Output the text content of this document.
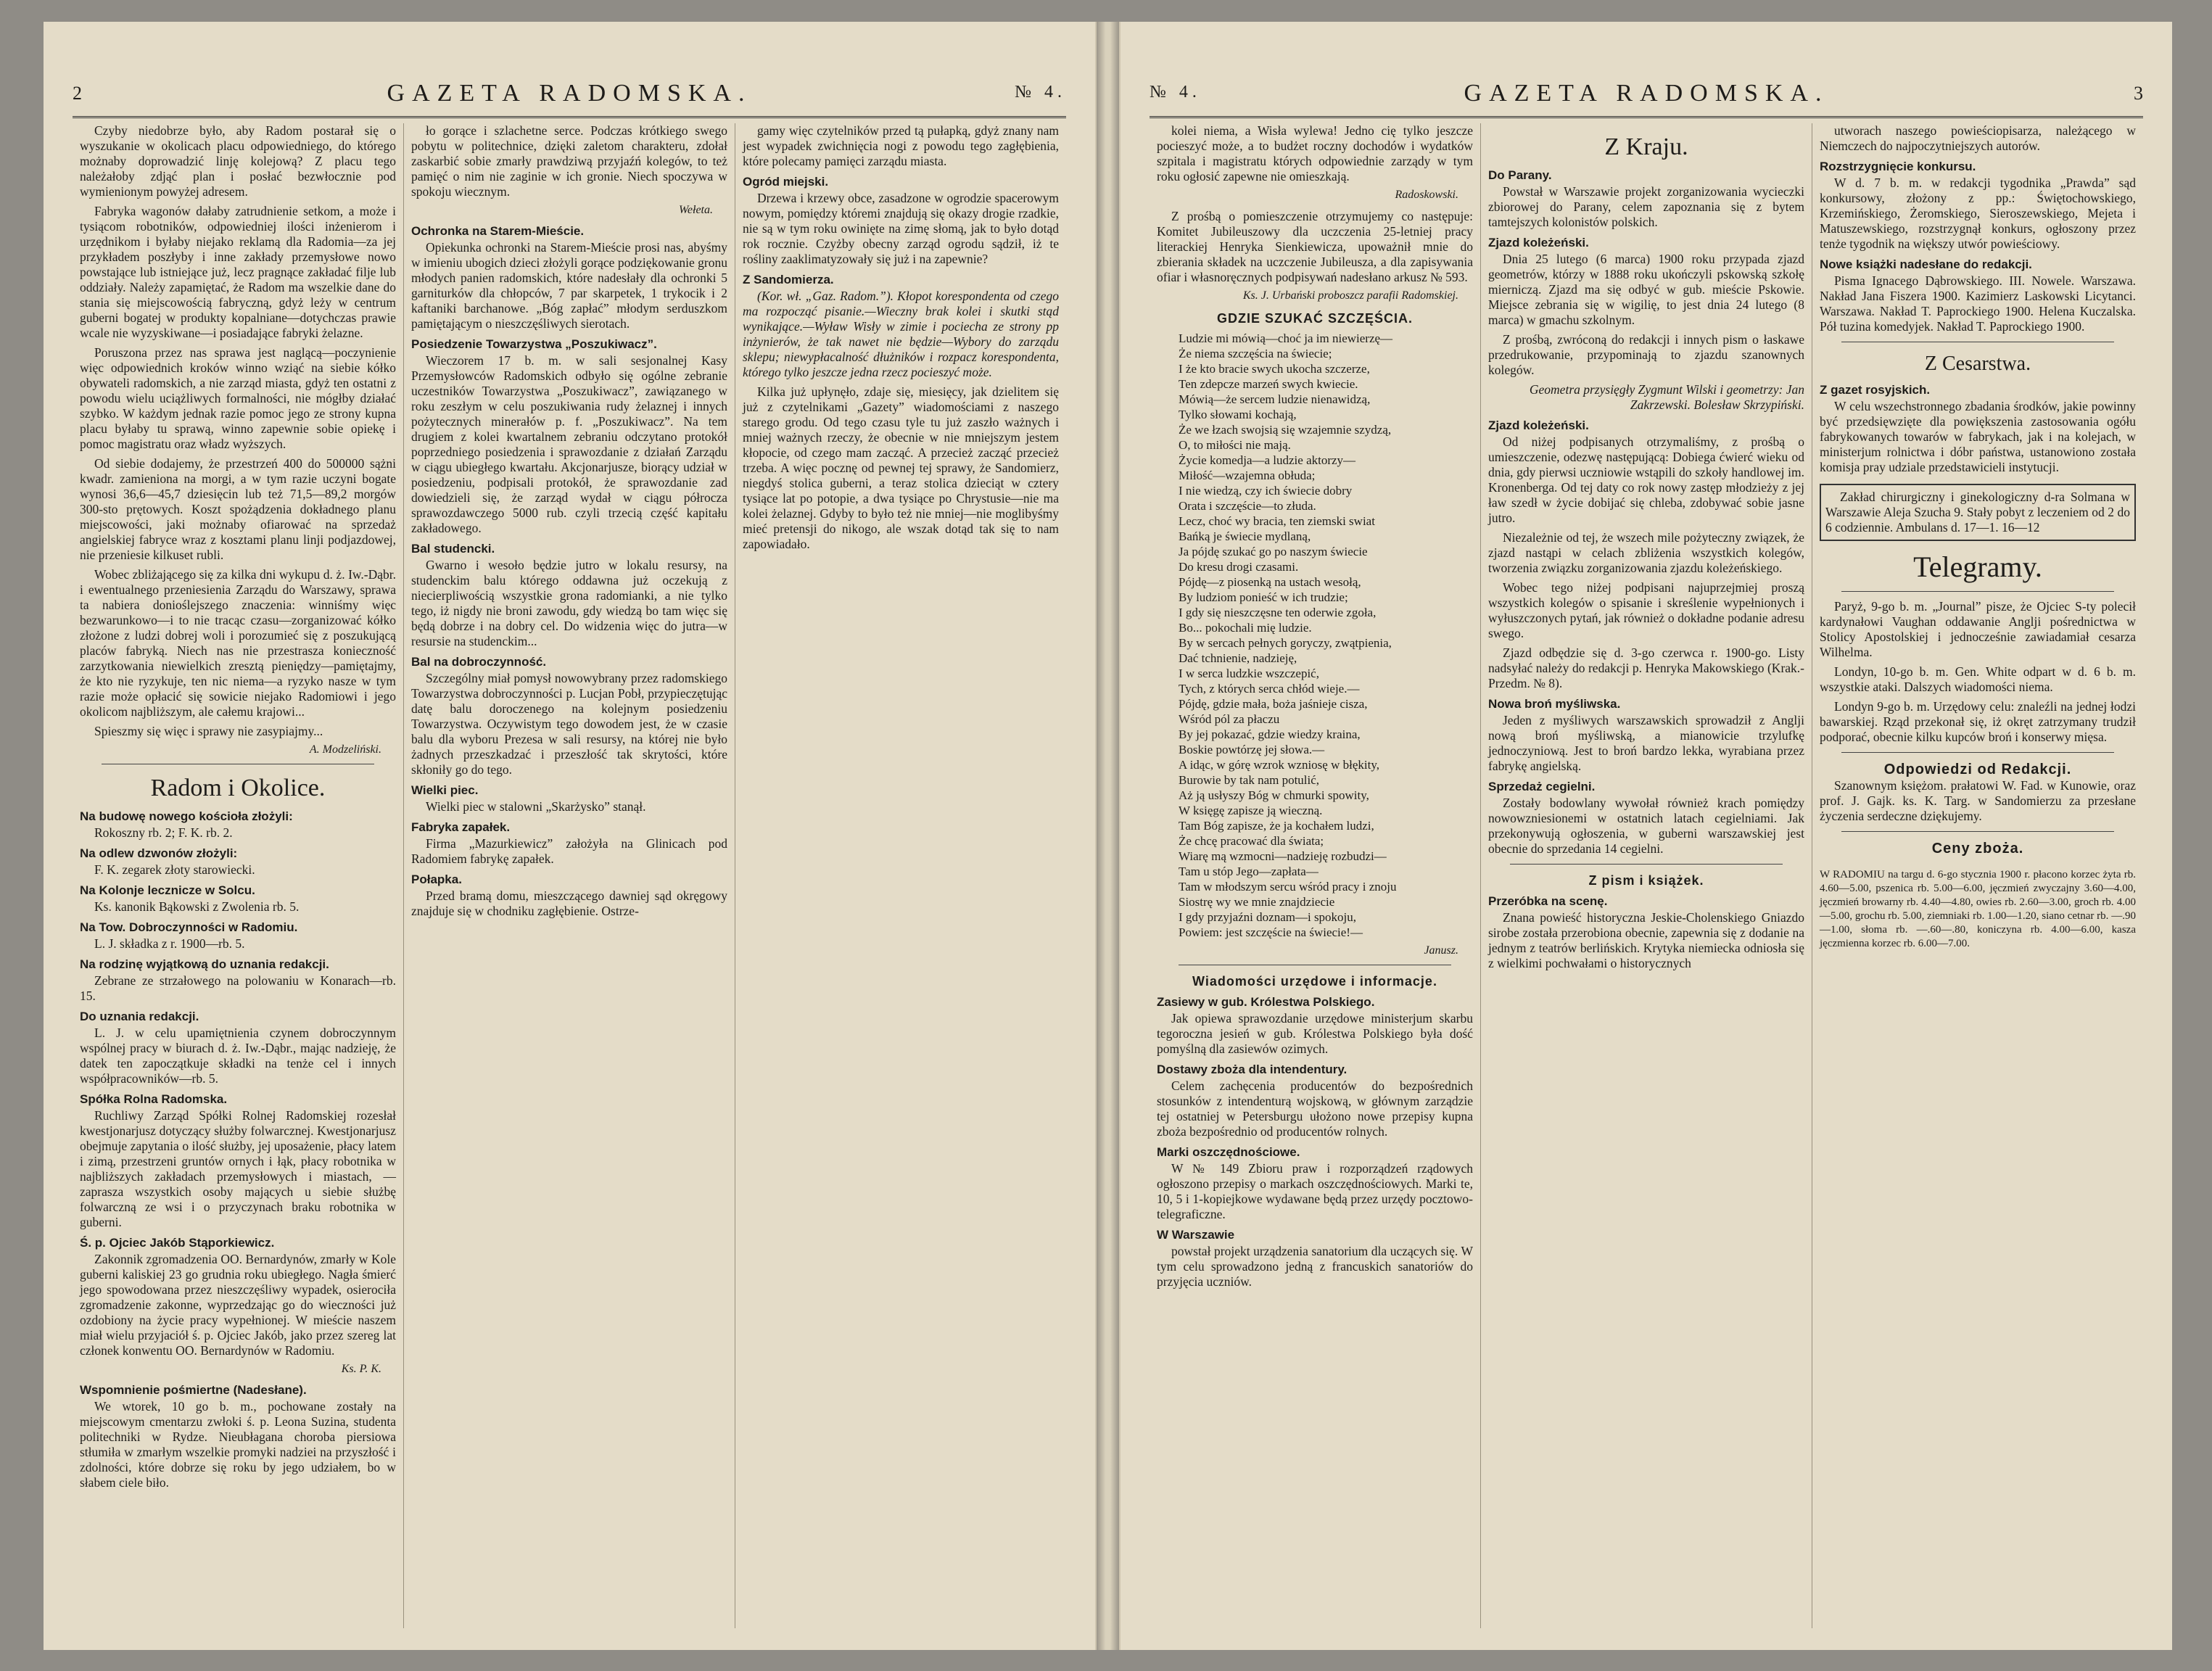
2	GAZETA RADOMSKA.	№ 4.

Czyby niedobrze było, aby Radom postarał się o wyszukanie w okolicach placu odpowiedniego, do którego możnaby doprowadzić linję kolejową? Z placu tego należałoby zdjąć plan i posłać bezwłocznie pod wymienionym powyżej adresem.

Fabryka wagonów dałaby zatrudnienie setkom, a może i tysiącom robotników, odpowiedniej ilości inżenierom i urzędnikom i byłaby niejako reklamą dla Radomia—za jej przykładem poszłyby i inne zakłady przemysłowe nowo powstające lub istniejące już, lecz pragnące zakładać filje lub oddziały. Należy zapamiętać, że Radom ma wszelkie dane do stania się miejscowością fabryczną, gdyż leży w centrum guberni bogatej w produkty kopalniane—dotychczas prawie wcale nie wyzyskiwane—i posiadające fabryki żelazne.

Poruszona przez nas sprawa jest naglącą—poczynienie więc odpowiednich kroków winno wziąć na siebie kółko obywateli radomskich, a nie zarząd miasta, gdyż ten ostatni z powodu wielu uciążliwych formalności, nie mógłby działać szybko. W każdym jednak razie pomoc jego ze strony kupna placu byłaby tu sprawą, winno zapewnie sobie opiekę i pomoc magistratu oraz władz wyższych.

Od siebie dodajemy, że przestrzeń 400 do 500000 sążni kwadr. zamieniona na morgi, a w tym razie uczyni bogate wynosi 36,6—45,7 dziesięcin lub też 71,5—89,2 morgów 300-sto prętowych. Koszt spożądzenia dokładnego planu miejscowości, jaki możnaby ofiarować na sprzedaż angielskiej fabryce wraz z kosztami planu linji podjazdowej, nie przeniesie kilkuset rubli.

Wobec zbliżającego się za kilka dni wykupu d. ż. Iw.-Dąbr. i ewentualnego przeniesienia Zarządu do Warszawy, sprawa ta nabiera donioślejszego znaczenia: winniśmy więc bezwarunkowo—i to nie tracąc czasu—zorganizować kółko złożone z ludzi dobrej woli i porozumieć się z poszukującą placów fabryką. Niech nas nie przestrasza konieczność zarzytkowania niewielkich zresztą pieniędzy—pamiętajmy, że kto nie ryzykuje, ten nic niema—a ryzyko nasze w tym razie może opłacić się sowicie niejako Radomiowi i jego okolicom najbliższym, ale całemu krajowi...

Spieszmy się więc i sprawy nie zasypiajmy...

A. Modzeliński.
Radom i Okolice.
Na budowę nowego kościoła złożyli:

Rokoszny rb. 2; F. K. rb. 2.

Na odlew dzwonów złożyli:

F. K. zegarek złoty starowiecki.

Na Kolonje lecznicze w Solcu.

Ks. kanonik Bąkowski z Zwolenia rb. 5.

Na Tow. Dobroczynności w Radomiu.

L. J. składka z r. 1900—rb. 5.

Na rodzinę wyjątkową do uznania redakcji.

Zebrane ze strzałowego na polowaniu w Konarach—rb. 15.

Do uznania redakcji.

L. J. w celu upamiętnienia czynem dobroczynnym wspólnej pracy w biurach d. ż. Iw.-Dąbr., mając nadzieję, że datek ten zapoczątkuje składki na tenże cel i innych współpracowników—rb. 5.

Spółka Rolna Radomska.

Ruchliwy Zarząd Spółki Rolnej Radomskiej rozesłał kwestjonarjusz dotyczący służby folwarcznej. Kwestjonarjusz obejmuje zapytania o ilość służby, jej uposażenie, płacy latem i zimą, przestrzeni gruntów ornych i łąk, płacy robotnika w najbliższych zakładach przemysłowych i miastach, — zaprasza wszystkich osoby mających u siebie służbę folwarczną ze wsi i o przyczynach braku robotnika w guberni.

Ś. p. Ojciec Jakób Stąporkiewicz.

Zakonnik zgromadzenia OO. Bernardynów, zmarły w Kole guberni kaliskiej 23 go grudnia roku ubiegłego. Nagła śmierć jego spowodowana przez nieszczęśliwy wypadek, osierociła zgromadzenie zakonne, wyprzedzając go do wieczności już ozdobiony na życie pracy wypełnionej. W mieście naszem miał wielu przyjaciół ś. p. Ojciec Jakób, jako przez szereg lat członek konwentu OO. Bernardynów w Radomiu.

Ks. P. K.
Wspomnienie pośmiertne (Nadesłane).

We wtorek, 10 go b. m., pochowane zostały na miejscowym cmentarzu zwłoki ś. p. Leona Suzina, studenta politechniki w Rydze. Nieubłagana choroba piersiowa stłumiła w zmarłym wszelkie promyki nadziei na przyszłość i zdolności, które dobrze się roku by jego udziałem, bo w słabem ciele biło.

ło gorące i szlachetne serce. Podczas krótkiego swego pobytu w politechnice, dzięki zaletom charakteru, zdołał zaskarbić sobie zmarły prawdziwą przyjaźń kolegów, to też pamięć o nim nie zaginie w ich gronie. Niech spoczywa w spokoju wiecznym.

Wełeta.
Ochronka na Starem-Mieście.

Opiekunka ochronki na Starem-Mieście prosi nas, abyśmy w imieniu ubogich dzieci złożyli gorące podziękowanie gronu młodych panien radomskich, które nadesłały dla ochronki 5 garniturków dla chłopców, 7 par skarpetek, 1 trykocik i 2 kaftaniki barchanowe. „Bóg zapłać” młodym serduszkom pamiętającym o nieszczęśliwych sierotach.

Posiedzenie Towarzystwa „Poszukiwacz”.

Wieczorem 17 b. m. w sali sesjonalnej Kasy Przemysłowców Radomskich odbyło się ogólne zebranie uczestników Towarzystwa „Poszukiwacz”, zawiązanego w roku zeszłym w celu poszukiwania rudy żelaznej i innych pożytecznych minerałów p. f. „Poszukiwacz”. Na tem drugiem z kolei kwartalnem zebraniu odczytano protokół poprzedniego posiedzenia i sprawozdanie z działań Zarządu w ciągu ubiegłego kwartału. Akcjonarjusze, biorący udział w posiedzeniu, podpisali protokół, że sprawozdanie zad dowiedzieli się, że zarząd wydał w ciągu półrocza sprawozdawczego 5000 rub. czyli trzecią część kapitału zakładowego.

Bal studencki.

Gwarno i wesoło będzie jutro w lokalu resursy, na studenckim balu którego oddawna już oczekują z niecierpliwością wszystkie grona radomianki, a nie tylko tego, iż nigdy nie broni zawodu, gdy wiedzą bo tam więc się będą dobrze i na dobry cel. Do widzenia więc do jutra—w resursie na studenckim...

Bal na dobroczynność.

Szczególny miał pomysł nowowybrany przez radomskiego Towarzystwa dobroczynności p. Lucjan Pobł, przypieczętując datę balu doroczenego na kolejnym posiedzeniu Towarzystwa. Oczywistym tego dowodem jest, że w czasie balu dla wyboru Prezesa w sali resursy, na której nie było żadnych przeszkadzać i przeszłość tak skrytości, które skłoniły go do tego.

Wielki piec.

Wielki piec w stalowni „Skarżysko” stanął.

Fabryka zapałek.

Firma „Mazurkiewicz” założyła na Glinicach pod Radomiem fabrykę zapałek.

Połapka.

Przed bramą domu, mieszczącego dawniej sąd okręgowy znajduje się w chodniku zagłębienie. Ostrze-

gamy więc czytelników przed tą pułapką, gdyż znany nam jest wypadek zwichnięcia nogi z powodu tego zagłębienia, które polecamy pamięci zarządu miasta.

Ogród miejski.

Drzewa i krzewy obce, zasadzone w ogrodzie spacerowym nowym, pomiędzy któremi znajdują się okazy drogie rzadkie, nie są w tym roku owinięte na zimę słomą, jak to było dotąd rok rocznie. Czyżby obecny zarząd ogrodu sądził, iż te rośliny zaaklimatyzowały się już i na zapewnie?

Z Sandomierza.

(Kor. wł. „Gaz. Radom.”). Kłopot korespondenta od czego ma rozpocząć pisanie.—Wieczny brak kolei i skutki stąd wynikające.—Wyław Wisły w zimie i pociecha ze strony pp inżynierów, że tak nawet nie będzie—Wybory do zarządu sklepu; niewypłacalność dłużników i rozpacz korespondenta, którego tylko jeszcze jedna rzecz pocieszyć może.

Kilka już upłynęło, zdaje się, miesięcy, jak dzielitem się już z czytelnikami „Gazety” wiadomościami z naszego starego grodu. Od tego czasu tyle tu już zaszło ważnych i mniej ważnych rzeczy, że obecnie w nie mniejszym jestem kłopocie, od czego mam zacząć. A przecież zacząć przecież trzeba. A więc pocznę od pewnej tej sprawy, że Sandomierz, niegdyś stolica guberni, a teraz stolica dzieciąt w cztery tysiące lat po potopie, a dwa tysiące po Chrystusie—nie ma kolei żelaznej. Gdyby to było też nie mniej—nie moglibyśmy mieć pretensji do nikogo, ale wszak dotąd tak się to nam zapowiadało.

№ 4.	GAZETA RADOMSKA.	3

kolei niema, a Wisła wylewa! Jedno cię tylko jeszcze pocieszyć może, a to budżet roczny dochodów i wydatków szpitala i magistratu których odpowiednie zarządy w tym roku ogłosić zapewne nie omieszkają.

Radoskowski.

Z prośbą o pomieszczenie otrzymujemy co następuje: Komitet Jubileuszowy dla uczczenia 25-letniej pracy literackiej Henryka Sienkiewicza, upoważnił mnie do zbierania składek na uczczenie Jubileusza, a dla zapisywania ofiar i własnoręcznych podpisywań nadesłano arkusz № 593.

Ks. J. Urbański proboszcz parafii Radomskiej.
GDZIE SZUKAĆ SZCZĘŚCIA.
Ludzie mi mówią—choć ja im niewierzę—
Że niema szczęścia na świecie;
I że kto bracie swych ukocha szczerze,
Ten zdepcze marzeń swych kwiecie.
Mówią—że sercem ludzie nienawidzą,
Tylko słowami kochają,
Że we łzach swojsią się wzajemnie szydzą,
O, to miłości nie mają.
Życie komedja—a ludzie aktorzy—
Miłość—wzajemna obłuda;
I nie wiedzą, czy ich świecie dobry
Orata i szczęście—to złuda.
Lecz, choć wy bracia, ten ziemski swiat
Bańką je świecie mydlaną,
Ja pójdę szukać go po naszym świecie
Do kresu drogi czasami.
Pójdę—z piosenką na ustach wesołą,
By ludziom ponieść w ich trudzie;
I gdy się nieszczęsne ten oderwie zgoła,
Bo... pokochali mię ludzie.
By w sercach pełnych goryczy, zwątpienia,
Dać tchnienie, nadzieję,
I w serca ludzkie wszczepić,
Tych, z których serca chłód wieje.—
Pójdę, gdzie mała, boża jaśnieje cisza,
Wśród pól za płaczu
By jej pokazać, gdzie wiedzy kraina,
Boskie powtórzę jej słowa.—
A idąc, w górę wzrok wzniosę w błękity,
Burowie by tak nam potulić,
Aż ją usłyszy Bóg w chmurki spowity,
W księgę zapisze ją wieczną.
Tam Bóg zapisze, że ja kochałem ludzi,
Że chcę pracować dla świata;
Wiarę mą wzmocni—nadzieję rozbudzi—
Tam u stóp Jego—zapłata—
Tam w młodszym sercu wśród pracy i znoju
Siostrę wy we mnie znajdziecie
I gdy przyjaźni doznam—i spokoju,
Powiem: jest szczęście na świecie!—
Janusz.
Wiadomości urzędowe i informacje.
Zasiewy w gub. Królestwa Polskiego.

Jak opiewa sprawozdanie urzędowe ministerjum skarbu tegoroczna jesień w gub. Królestwa Polskiego była dość pomyślną dla zasiewów ozimych.

Dostawy zboża dla intendentury.

Celem zachęcenia producentów do bezpośrednich stosunków z intendenturą wojskową, w głównym zarządzie tej ostatniej w Petersburgu ułożono nowe przepisy kupna zboża bezpośrednio od producentów rolnych.

Marki oszczędnościowe.

W № 149 Zbioru praw i rozporządzeń rządowych ogłoszono przepisy o markach oszczędnościowych. Marki te, 10, 5 i 1-kopiejkowe wydawane będą przez urzędy pocztowo-telegraficzne.

W Warszawie

powstał projekt urządzenia sanatorium dla uczących się. W tym celu sprowadzono jedną z francuskich sanatoriów do przyjęcia uczniów.

Z Kraju.
Do Parany.

Powstał w Warszawie projekt zorganizowania wycieczki zbiorowej do Parany, celem zapoznania się z bytem tamtejszych kolonistów polskich.

Zjazd koleżeński.

Dnia 25 lutego (6 marca) 1900 roku przypada zjazd geometrów, którzy w 1888 roku ukończyli pskowską szkołę mierniczą. Zjazd ma się odbyć w gub. mieście Pskowie. Miejsce zebrania się w wigilię, to jest dnia 24 lutego (8 marca) w gmachu szkolnym.

Z prośbą, zwróconą do redakcji i innych pism o łaskawe przedrukowanie, przypominają to zjazdu szanownych kolegów.

Geometra przysięgły Zygmunt Wilski i geometrzy: Jan Zakrzewski. Bolesław Skrzypiński.

Zjazd koleżeński.

Od niżej podpisanych otrzymaliśmy, z prośbą o umieszczenie, odezwę następującą: Dobiega ćwierć wieku od dnia, gdy pierwsi uczniowie wstąpili do szkoły handlowej im. Kronenberga. Od tej daty co rok nowy zastęp młodzieży z jej ław szedł w życie dobijać się chleba, zdobywać sobie jasne jutro.

Niezależnie od tej, że wszech mile pożyteczny związek, że zjazd nastąpi w celach zbliżenia wszystkich kolegów, tworzenia związku zorganizowania zjazdu koleżeńskiego.

Wobec tego niżej podpisani najuprzejmiej proszą wszystkich kolegów o spisanie i skreślenie wypełnionych i wyłuszczonych pytań, jak również o dokładne podanie adresu swego.

Zjazd odbędzie się d. 3-go czerwca r. 1900-go. Listy nadsyłać należy do redakcji p. Henryka Makowskiego (Krak.-Przedm. № 8).

Nowa broń myśliwska.

Jeden z myśliwych warszawskich sprowadził z Anglji nową broń myśliwską, a mianowicie trzylufkę jednoczyniową. Jest to broń bardzo lekka, wyrabiana przez fabrykę angielską.

Sprzedaż cegielni.

Zostały bodowlany wywołał również krach pomiędzy nowowzniesionemi w ostatnich latach cegielniami. Jak przekonywują ogłoszenia, w guberni warszawskiej jest obecnie do sprzedania 14 cegielni.

Z pism i książek.
Przeróbka na scenę.

Znana powieść historyczna Jeskie-Cholenskiego Gniazdo sirobe została przerobiona obecnie, zapewnia się z dodanie na jednym z teatrów berlińskich. Krytyka niemiecka odniosła się z wielkimi pochwałami o historycznych

utworach naszego powieściopisarza, należącego w Niemczech do najpoczytniejszych autorów.

Rozstrzygnięcie konkursu.

W d. 7 b. m. w redakcji tygodnika „Prawda” sąd konkursowy, złożony z pp.: Świętochowskiego, Krzemińskiego, Żeromskiego, Sieroszewskiego, Mejeta i Matuszewskiego, rozstrzygnął konkurs, ogłoszony przez tenże tygodnik na większy utwór powieściowy.

Nowe książki nadesłane do redakcji.

Pisma Ignacego Dąbrowskiego. III. Nowele. Warszawa. Nakład Jana Fiszera 1900. Kazimierz Laskowski Licytanci. Warszawa. Nakład T. Paprockiego 1900. Helena Kuczalska. Pół tuzina komedyjek. Nakład T. Paprockiego 1900.

Z Cesarstwa.
Z gazet rosyjskich.

W celu wszechstronnego zbadania środków, jakie powinny być przedsięwzięte dla powiększenia zastosowania ogółu fabrykowanych towarów w fabrykach, jak i na kolejach, w ministerjum rolnictwa i dóbr państwa, ustanowiono została komisja pray udziale przedstawicieli instytucji.

Zakład chirurgiczny i ginekologiczny d-ra Solmana w Warszawie Aleja Szucha 9. Stały pobyt z leczeniem od 2 do 6 codziennie. Ambulans d. 17—1. 16—12

Telegramy.

Paryż, 9-go b. m. „Journal” pisze, że Ojciec S-ty polecił kardynałowi Vaughan oddawanie Anglji pośrednictwa w Stolicy Apostolskiej i jednocześnie zawiadamiał cesarza Wilhelma.

Londyn, 10-go b. m. Gen. White odpart w d. 6 b. m. wszystkie ataki. Dalszych wiadomości niema.

Londyn 9-go b. m. Urzędowy celu: znaleźli na jednej łodzi bawarskiej. Rząd przekonał się, iż okręt zatrzymany trudził podporać, obecnie kilku kupców broń i konserwy mięsa.

Odpowiedzi od Redakcji.

Szanownym księżom. prałatowi W. Fad. w Kunowie, oraz prof. J. Gajk. ks. K. Targ. w Sandomierzu za przesłane życzenia serdeczne dziękujemy.

Ceny zboża.

W RADOMIU na targu d. 6-go stycznia 1900 r. płacono korzec żyta rb. 4.60—5.00, pszenica rb. 5.00—6.00, jęczmień zwyczajny 3.60—4.00, jęczmień browarny rb. 4.40—4.80, owies rb. 2.60—3.00, groch rb. 4.00—5.00, grochu rb. 5.00, ziemniaki rb. 1.00—1.20, siano cetnar rb. —.90—1.00, słoma rb. —.60—.80, koniczyna rb. 4.00—6.00, kasza jęczmienna korzec rb. 6.00—7.00.
